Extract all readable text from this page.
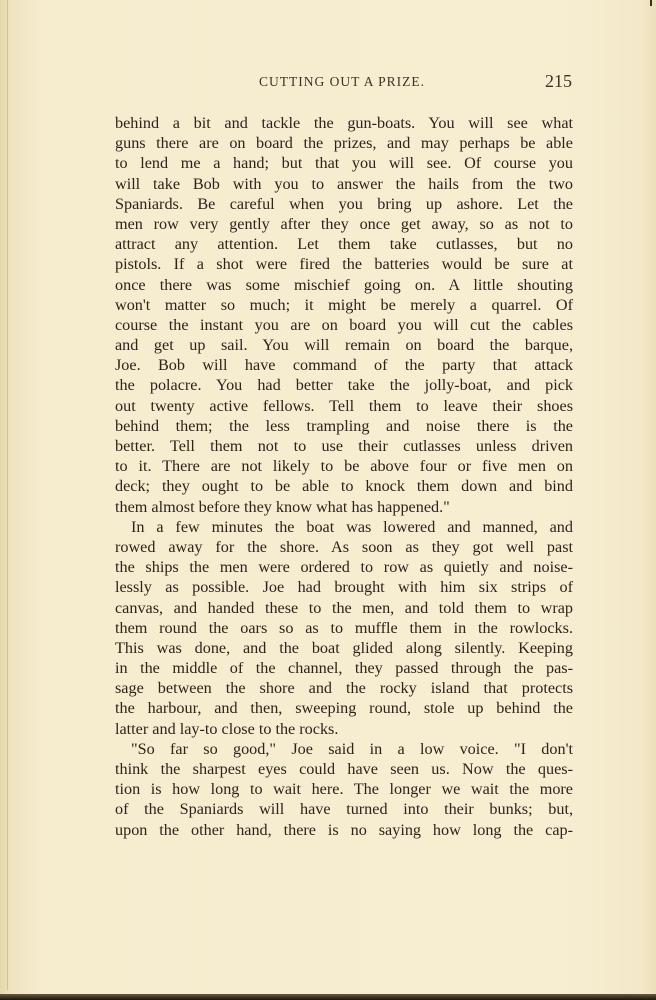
CUTTING OUT A PRIZE.	215
behind a bit and tackle the gun-boats. You will see what
guns there are on board the prizes, and may perhaps be able
to lend me a hand; but that you will see. Of course you
will take Bob with you to answer the hails from the two
Spaniards. Be careful when you bring up ashore. Let the
men row very gently after they once get away, so as not to
attract any attention. Let them take cutlasses, but no
pistols. If a shot were fired the batteries would be sure at
once there was some mischief going on. A little shouting
won't matter so much; it might be merely a quarrel. Of
course the instant you are on board you will cut the cables
and get up sail. You will remain on board the barque,
Joe. Bob will have command of the party that attack
the polacre. You had better take the jolly-boat, and pick
out twenty active fellows. Tell them to leave their shoes
behind them; the less trampling and noise there is the
better. Tell them not to use their cutlasses unless driven
to it. There are not likely to be above four or five men on
deck; they ought to be able to knock them down and bind
them almost before they know what has happened."
In a few minutes the boat was lowered and manned, and
rowed away for the shore. As soon as they got well past
the ships the men were ordered to row as quietly and noise-
lessly as possible. Joe had brought with him six strips of
canvas, and handed these to the men, and told them to wrap
them round the oars so as to muffle them in the rowlocks.
This was done, and the boat glided along silently. Keeping
in the middle of the channel, they passed through the pas-
sage between the shore and the rocky island that protects
the harbour, and then, sweeping round, stole up behind the
latter and lay-to close to the rocks.
"So far so good," Joe said in a low voice. "I don't
think the sharpest eyes could have seen us. Now the ques-
tion is how long to wait here. The longer we wait the more
of the Spaniards will have turned into their bunks; but,
upon the other hand, there is no saying how long the cap-
